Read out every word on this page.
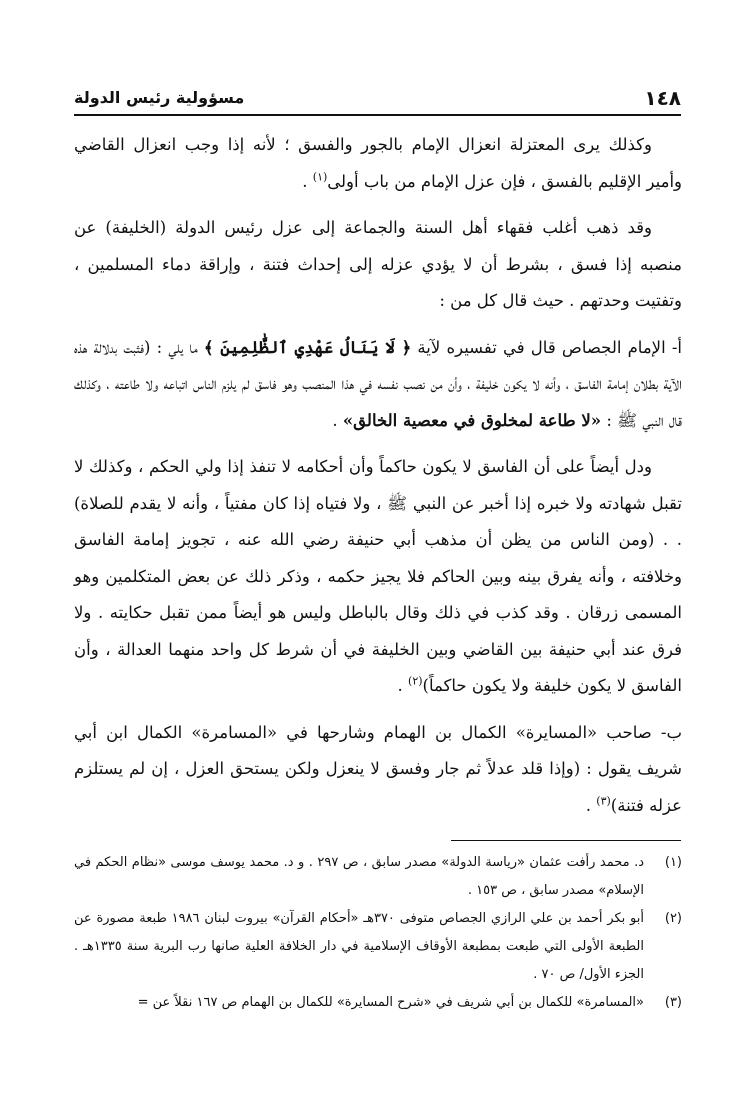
١٤٨
مسؤولية رئيس الدولة

وكذلك يرى المعتزلة انعزال الإمام بالجور والفسق ؛ لأنه إذا وجب انعزال القاضي وأمير الإقليم بالفسق ، فإن عزل الإمام من باب أولى$^{(١)}$ .

وقد ذهب أغلب فقهاء أهل السنة والجماعة إلى عزل رئيس الدولة (الخليفة) عن منصبه إذا فسق ، بشرط أن لا يؤدي عزله إلى إحداث فتنة ، وإراقة دماء المسلمين ، وتفتيت وحدتهم . حيث قال كل من :

أ- الإمام الجصاص قال في تفسيره لآية ﴿ لَا يَنَالُ عَهْدِي ٱلظَّٰلِمِينَ ﴾ ما يلي : (فثبت بدلالة هذه الآية بطلان إمامة الفاسق ، وأنه لا يكون خليفة ، وأن من نصب نفسه في هذا المنصب وهو فاسق لم يلزم الناس اتباعه ولا طاعته ، وكذلك قال النبي ﷺ : «لا طاعة لمخلوق في معصية الخالق» .

ودل أيضاً على أن الفاسق لا يكون حاكماً وأن أحكامه لا تنفذ إذا ولي الحكم ، وكذلك لا تقبل شهادته ولا خبره إذا أخبر عن النبي ﷺ ، ولا فتياه إذا كان مفتياً ، وأنه لا يقدم للصلاة) . . (ومن الناس من يظن أن مذهب أبي حنيفة رضي الله عنه ، تجويز إمامة الفاسق وخلافته ، وأنه يفرق بينه وبين الحاكم فلا يجيز حكمه ، وذكر ذلك عن بعض المتكلمين وهو المسمى زرقان . وقد كذب في ذلك وقال بالباطل وليس هو أيضاً ممن تقبل حكايته . ولا فرق عند أبي حنيفة بين القاضي وبين الخليفة في أن شرط كل واحد منهما العدالة ، وأن الفاسق لا يكون خليفة ولا يكون حاكماً)$^{(٢)}$ .

ب- صاحب «المسايرة» الكمال بن الهمام وشارحها في «المسامرة» الكمال ابن أبي شريف يقول : (وإذا قلد عدلاً ثم جار وفسق لا ينعزل ولكن يستحق العزل ، إن لم يستلزم عزله فتنة)$^{(٣)}$ .

(١)
د. محمد رأفت عثمان «رياسة الدولة» مصدر سابق ، ص ٢٩٧ . و د. محمد يوسف موسى «نظام الحكم في الإسلام» مصدر سابق ، ص ١٥٣ .
(٢)
أبو بكر أحمد بن علي الرازي الجصاص متوفى ٣٧٠هـ «أحكام القرآن» بيروت لبنان ١٩٨٦ طبعة مصورة عن الطبعة الأولى التي طبعت بمطبعة الأوقاف الإسلامية في دار الخلافة العلية صانها رب البرية سنة ١٣٣٥هـ . الجزء الأول/ ص ٧٠ .
(٣)
«المسامرة» للكمال بن أبي شريف في «شرح المسايرة» للكمال بن الهمام ص ١٦٧ نقلاً عن =
